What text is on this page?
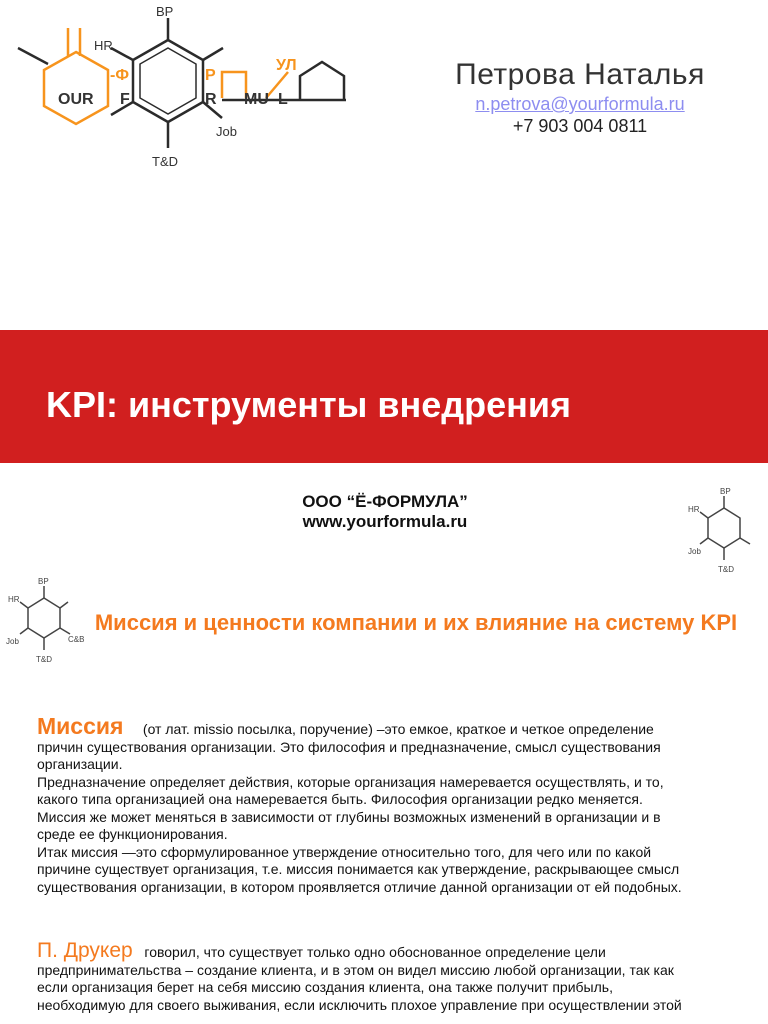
BP
HR
-Ф	P
УЛ
OUR F	R MU L
Job
T&D
Петрова Наталья
n.petrova@yourformula.ru
+7 903 004 0811
KPI: инструменты внедрения
ООО “Ё-ФОРМУЛА”
www.yourformula.ru
BP
HR
Job
T&D
BP
HR
Job	C&B
T&D
Миссия и ценности компании и их влияние на систему KPI
Миссия (от лат. missio посылка, поручение) –это емкое, краткое и четкое определение
причин существования организации. Это философия и предназначение, смысл существования
организации.
Предназначение определяет действия, которые организация намеревается осуществлять, и то,
какого типа организацией она намеревается быть. Философия организации редко меняется.
Миссия же может меняться в зависимости от глубины возможных изменений в организации и в
среде ее функционирования.
Итак миссия —это сформулированное утверждение относительно того, для чего или по какой
причине существует организация, т.е. миссия понимается как утверждение, раскрывающее смысл
существования организации, в котором проявляется отличие данной организации от ей подобных.
П. Друкер говорил, что существует только одно обоснованное определение цели
предпринимательства – создание клиента, и в этом он видел миссию любой организации, так как
если организация берет на себя миссию создания клиента, она также получит прибыль,
необходимую для своего выживания, если исключить плохое управление при осуществлении этой
